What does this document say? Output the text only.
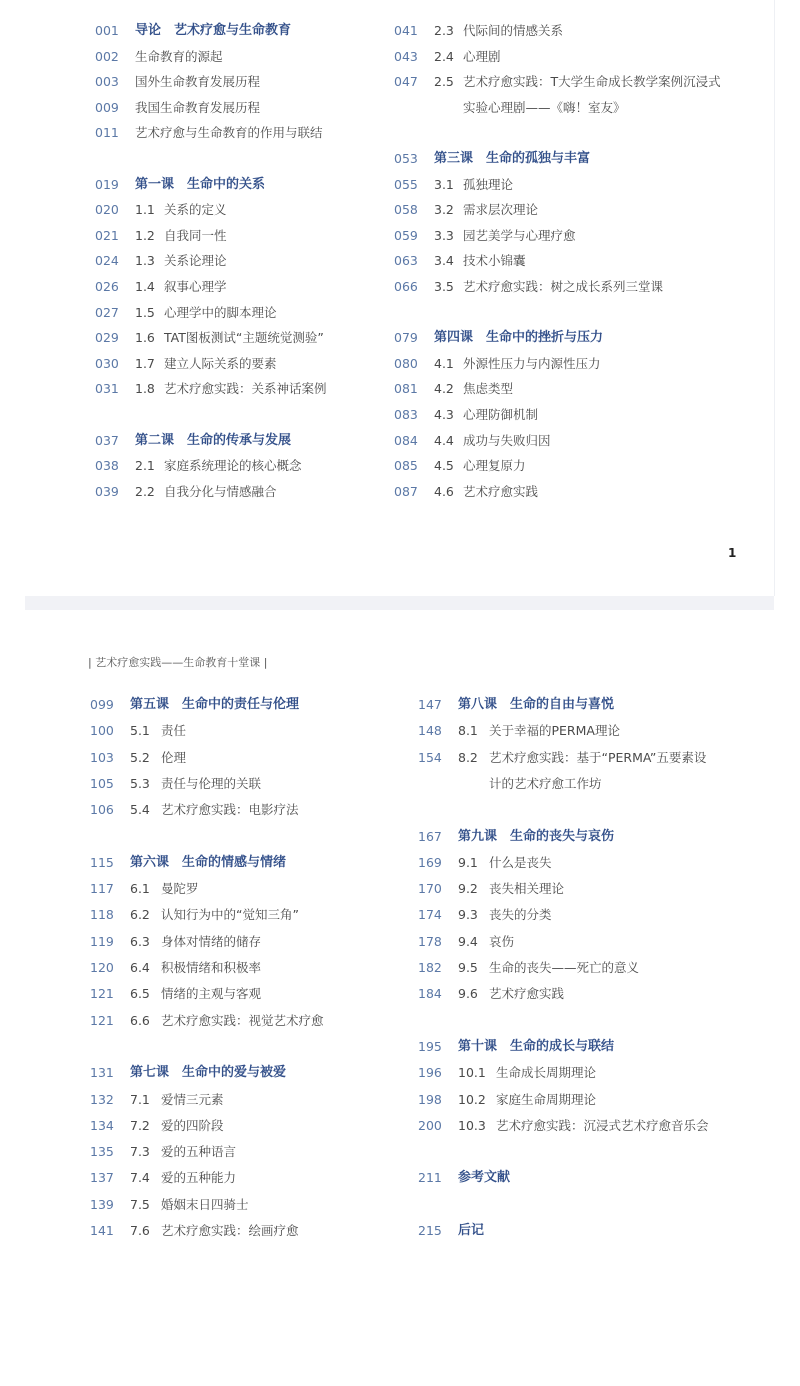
001 导论　艺术疗愈与生命教育
002 生命教育的源起
003 国外生命教育发展历程
009 我国生命教育发展历程
011 艺术疗愈与生命教育的作用与联结
019 第一课　生命中的关系
020 1.1 关系的定义
021 1.2 自我同一性
024 1.3 关系论理论
026 1.4 叙事心理学
027 1.5 心理学中的脚本理论
029 1.6 TAT图板测试“主题统觉测验”
030 1.7 建立人际关系的要素
031 1.8 艺术疗愈实践：关系神话案例
037 第二课　生命的传承与发展
038 2.1 家庭系统理论的核心概念
039 2.2 自我分化与情感融合
041 2.3 代际间的情感关系
043 2.4 心理剧
047 2.5 艺术疗愈实践：T大学生命成长教学案例沉浸式
实验心理剧——《嗨！室友》
053 第三课　生命的孤独与丰富
055 3.1 孤独理论
058 3.2 需求层次理论
059 3.3 园艺美学与心理疗愈
063 3.4 技术小锦囊
066 3.5 艺术疗愈实践：树之成长系列三堂课
079 第四课　生命中的挫折与压力
080 4.1 外源性压力与内源性压力
081 4.2 焦虑类型
083 4.3 心理防御机制
084 4.4 成功与失败归因
085 4.5 心理复原力
087 4.6 艺术疗愈实践
1
| 艺术疗愈实践——生命教育十堂课 |
099 第五课　生命中的责任与伦理
100 5.1 责任
103 5.2 伦理
105 5.3 责任与伦理的关联
106 5.4 艺术疗愈实践：电影疗法
115 第六课　生命的情感与情绪
117 6.1 曼陀罗
118 6.2 认知行为中的“觉知三角”
119 6.3 身体对情绪的储存
120 6.4 积极情绪和积极率
121 6.5 情绪的主观与客观
121 6.6 艺术疗愈实践：视觉艺术疗愈
131 第七课　生命中的爱与被爱
132 7.1 爱情三元素
134 7.2 爱的四阶段
135 7.3 爱的五种语言
137 7.4 爱的五种能力
139 7.5 婚姻末日四骑士
141 7.6 艺术疗愈实践：绘画疗愈
147 第八课　生命的自由与喜悦
148 8.1 关于幸福的PERMA理论
154 8.2 艺术疗愈实践：基于“PERMA”五要素设
计的艺术疗愈工作坊
167 第九课　生命的丧失与哀伤
169 9.1 什么是丧失
170 9.2 丧失相关理论
174 9.3 丧失的分类
178 9.4 哀伤
182 9.5 生命的丧失——死亡的意义
184 9.6 艺术疗愈实践
195 第十课　生命的成长与联结
196 10.1 生命成长周期理论
198 10.2 家庭生命周期理论
200 10.3 艺术疗愈实践：沉浸式艺术疗愈音乐会
211 参考文献
215 后记
